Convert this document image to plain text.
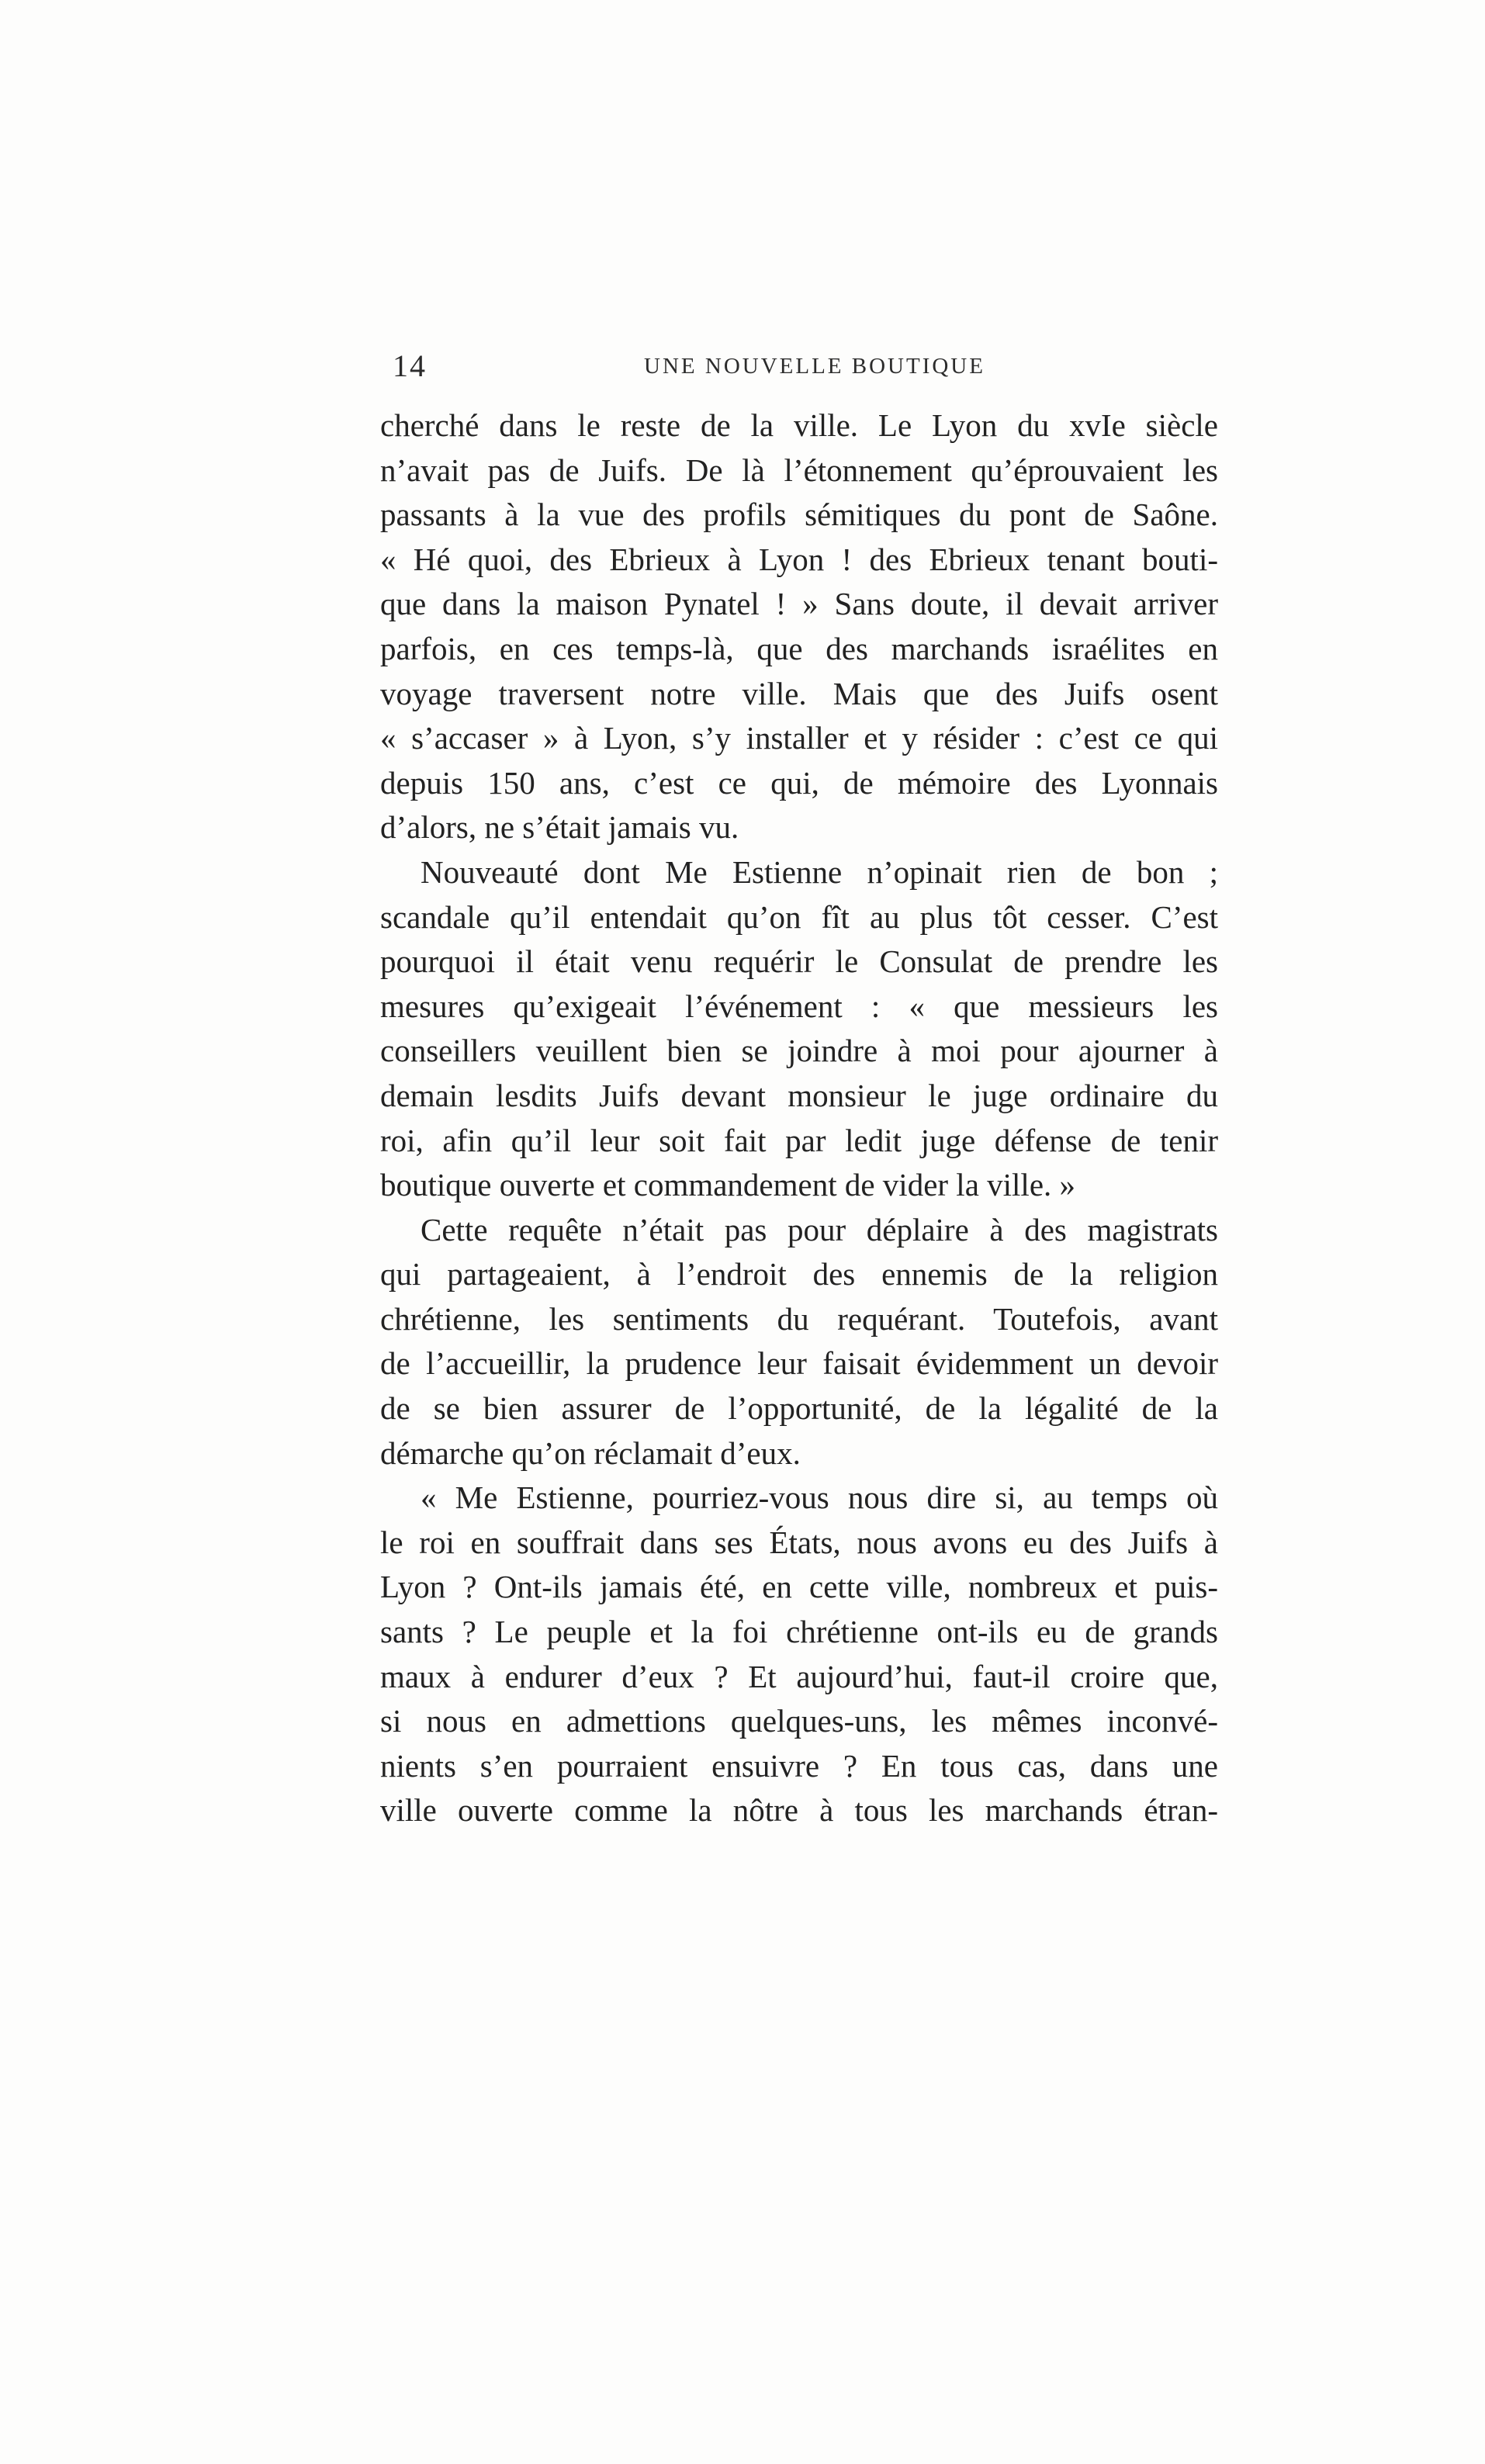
14	UNE NOUVELLE BOUTIQUE
cherché dans le reste de la ville. Le Lyon du xvIe siècle
n’avait pas de Juifs. De là l’étonnement qu’éprouvaient les
passants à la vue des profils sémitiques du pont de Saône.
« Hé quoi, des Ebrieux à Lyon ! des Ebrieux tenant bouti-
que dans la maison Pynatel ! » Sans doute, il devait arriver
parfois, en ces temps-là, que des marchands israélites en
voyage traversent notre ville. Mais que des Juifs osent
« s’accaser » à Lyon, s’y installer et y résider : c’est ce qui
depuis 150 ans, c’est ce qui, de mémoire des Lyonnais
d’alors, ne s’était jamais vu.
Nouveauté dont Me Estienne n’opinait rien de bon ;
scandale qu’il entendait qu’on fît au plus tôt cesser. C’est
pourquoi il était venu requérir le Consulat de prendre les
mesures qu’exigeait l’événement : « que messieurs les
conseillers veuillent bien se joindre à moi pour ajourner à
demain lesdits Juifs devant monsieur le juge ordinaire du
roi, afin qu’il leur soit fait par ledit juge défense de tenir
boutique ouverte et commandement de vider la ville. »
Cette requête n’était pas pour déplaire à des magistrats
qui partageaient, à l’endroit des ennemis de la religion
chrétienne, les sentiments du requérant. Toutefois, avant
de l’accueillir, la prudence leur faisait évidemment un devoir
de se bien assurer de l’opportunité, de la légalité de la
démarche qu’on réclamait d’eux.
« Me Estienne, pourriez-vous nous dire si, au temps où
le roi en souffrait dans ses États, nous avons eu des Juifs à
Lyon ? Ont-ils jamais été, en cette ville, nombreux et puis-
sants ? Le peuple et la foi chrétienne ont-ils eu de grands
maux à endurer d’eux ? Et aujourd’hui, faut-il croire que,
si nous en admettions quelques-uns, les mêmes inconvé-
nients s’en pourraient ensuivre ? En tous cas, dans une
ville ouverte comme la nôtre à tous les marchands étran-
